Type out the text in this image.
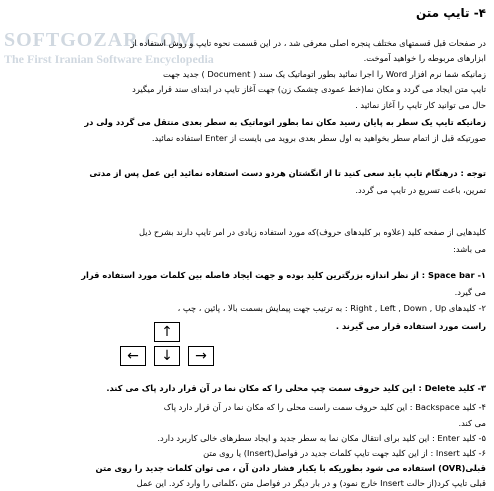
SOFTGOZAR.COM
The First Iranian Software Encyclopedia
۴- تایپ متن
در صفحات قبل قسمتهای مختلف پنجره اصلی معرفی شد ، در این قسمت نحوه تایپ و روش استفاده از
ابزارهای مربوطه را خواهید آموخت.
زمانیکه شما نرم افزار Word را اجرا نمائید بطور اتوماتیک یک سند ( Document ) جدید جهت
تایپ متن ایجاد می گردد و مکان نما(خط عمودی چشمک زن) جهت آغاز تایپ در ابتدای سند قرار میگیرد
حال می توانید کار تایپ را آغاز نمائید .
زمانیکه تایپ یک سطر به پایان رسید مکان نما بطور اتوماتیک به سطر بعدی منتقل می گردد ولی در
صورتیکه قبل از اتمام سطر بخواهید به اول سطر بعدی بروید می بایست از Enter استفاده نمائید.
توجه : درهنگام تایپ باید سعی کنید تا از انگشتان هردو دست استفاده نمائید این عمل پس از مدتی
تمرین، باعث تسریع در تایپ می گردد.
کلیدهایی از صفحه کلید (علاوه بر کلیدهای حروف)که مورد استفاده زیادی در امر تایپ دارند بشرح ذیل
می باشد:
۱- Space bar : از نظر اندازه بزرگترین کلید بوده و جهت ایجاد فاصله بین کلمات مورد استفاده قرار
می گیرد.
۲- کلیدهای Right , Left , Down , Up : به ترتیب جهت پیمایش بسمت بالا ، پائین ، چپ ،
راست مورد استفاده قرار می گیرند .
↑
←	↓	→
۳- کلید Delete : این کلید حروف سمت چپ محلی را که مکان نما در آن قرار دارد پاک می کند.
۴- کلید Backspace : این کلید حروف سمت راست محلی را که مکان نما در آن قرار دارد پاک
می کند.
۵- کلید Enter : این کلید برای انتقال مکان نما به سطر جدید و ایجاد سطرهای خالی کاربرد دارد.
۶- کلید Insert : از این کلید جهت تایپ کلمات جدید در فواصل(Insert) یا روی متن
قبلی(OVR) استفاده می شود بطوریکه با یکبار فشار دادن آن ، می توان کلمات جدید را روی متن
قبلی تایپ کرد(از حالت Insert خارج نمود) و در بار دیگر در فواصل متن ،کلماتی را وارد کرد. این عمل
